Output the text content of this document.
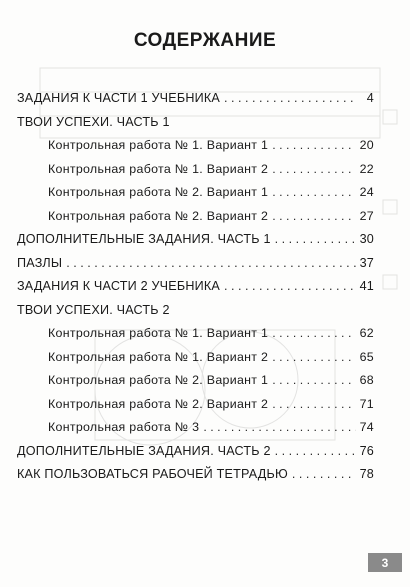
СОДЕРЖАНИЕ
ЗАДАНИЯ К ЧАСТИ 1 УЧЕБНИКА . . .	4
ТВОИ УСПЕХИ. ЧАСТЬ 1
Контрольная работа № 1. Вариант 1 . . .	20
Контрольная работа № 1. Вариант 2 . . .	22
Контрольная работа № 2. Вариант 1 . . .	24
Контрольная работа № 2. Вариант 2 . . .	27
ДОПОЛНИТЕЛЬНЫЕ ЗАДАНИЯ. ЧАСТЬ 1 . . .	30
ПАЗЛЫ . . .	37
ЗАДАНИЯ К ЧАСТИ 2 УЧЕБНИКА . . .	41
ТВОИ УСПЕХИ. ЧАСТЬ 2
Контрольная работа № 1. Вариант 1 . . .	62
Контрольная работа № 1. Вариант 2 . . .	65
Контрольная работа № 2. Вариант 1 . . .	68
Контрольная работа № 2. Вариант 2 . . .	71
Контрольная работа № 3 . . .	74
ДОПОЛНИТЕЛЬНЫЕ ЗАДАНИЯ. ЧАСТЬ 2 . . .	76
КАК ПОЛЬЗОВАТЬСЯ РАБОЧЕЙ ТЕТРАДЬЮ . . .	78
3
